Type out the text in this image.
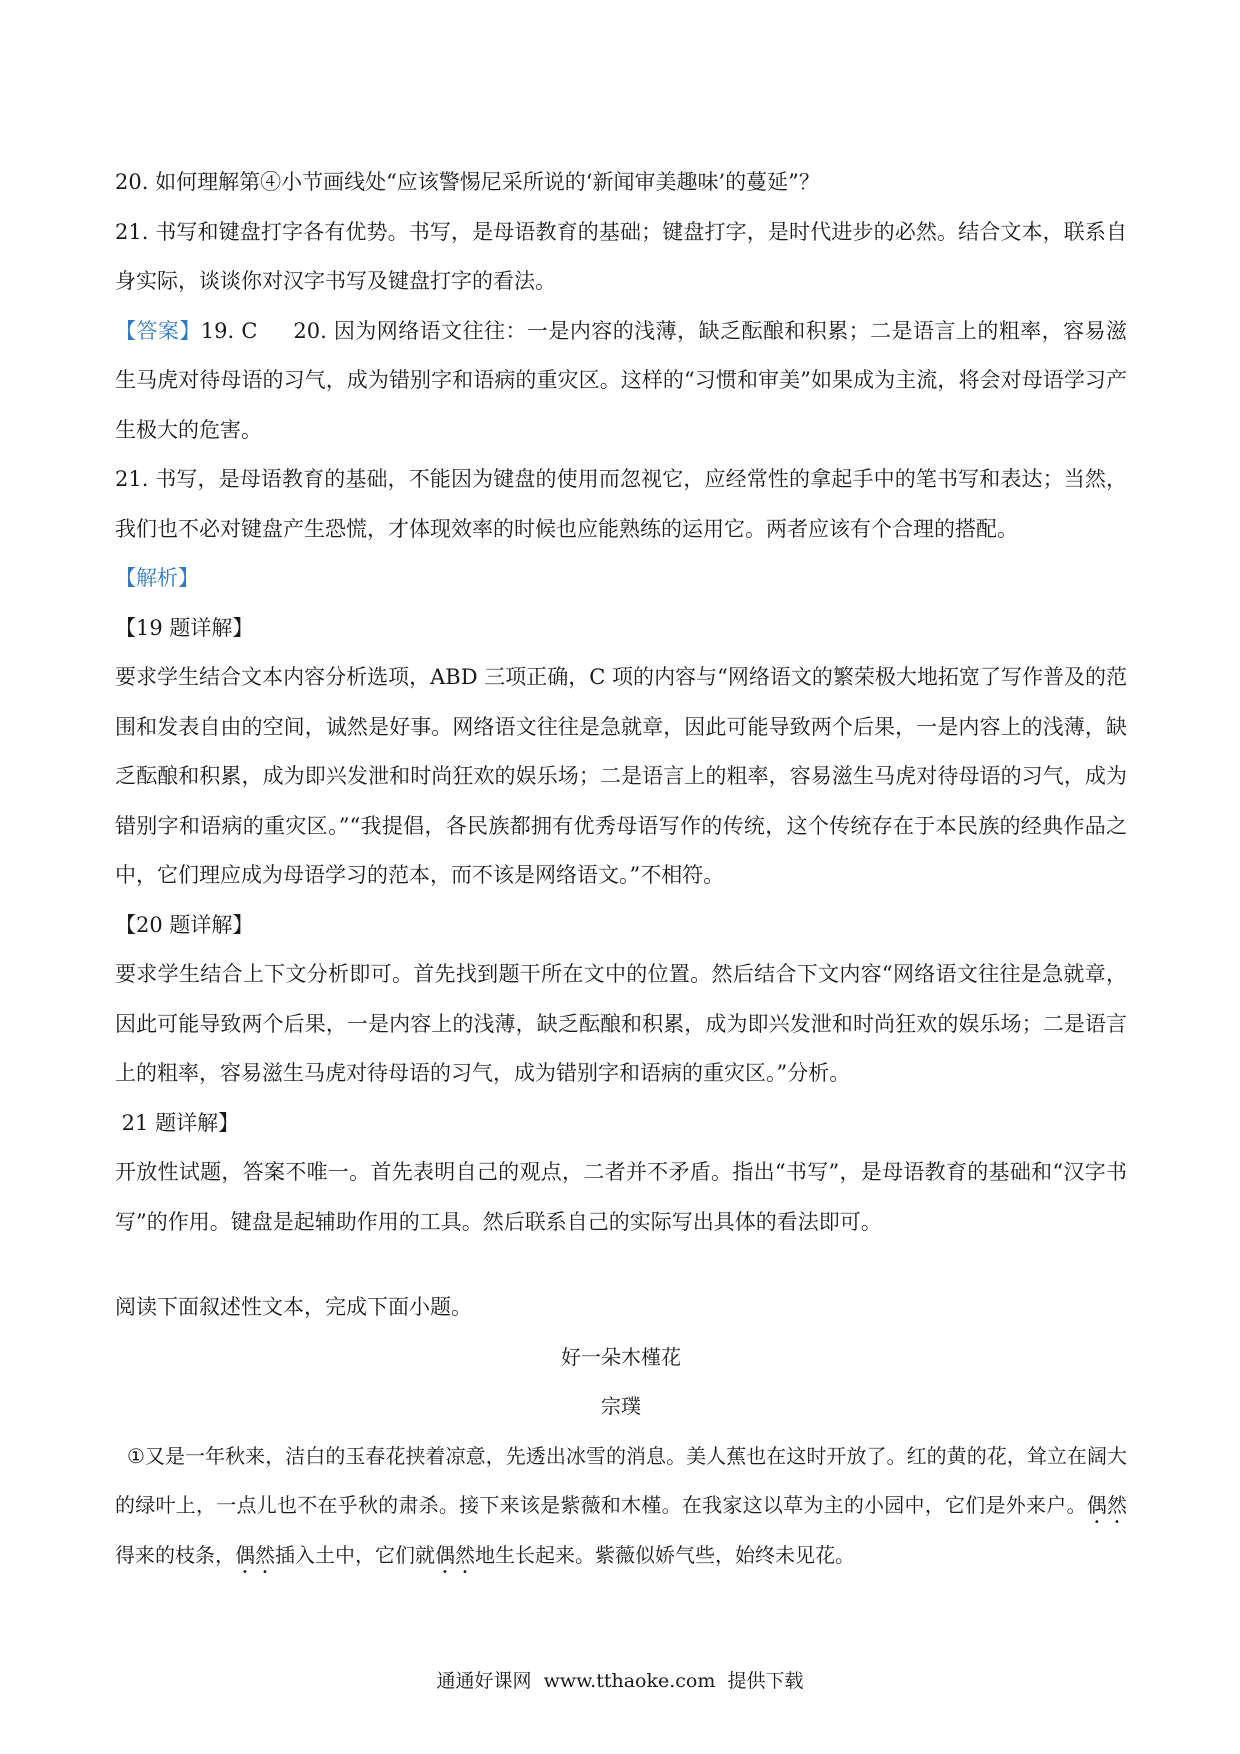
20. 如何理解第④小节画线处“应该警惕尼采所说的‘新闻审美趣味’的蔓延”？

21. 书写和键盘打字各有优势。书写，是母语教育的基础；键盘打字，是时代进步的必然。结合文本，联系自身实际，谈谈你对汉字书写及键盘打字的看法。

【答案】19. C 20. 因为网络语文往往：一是内容的浅薄，缺乏酝酿和积累；二是语言上的粗率，容易滋生马虎对待母语的习气，成为错别字和语病的重灾区。这样的“习惯和审美”如果成为主流，将会对母语学习产生极大的危害。

21. 书写，是母语教育的基础，不能因为键盘的使用而忽视它，应经常性的拿起手中的笔书写和表达；当然，我们也不必对键盘产生恐慌，才体现效率的时候也应能熟练的运用它。两者应该有个合理的搭配。

【解析】

【19 题详解】

要求学生结合文本内容分析选项，ABD 三项正确，C 项的内容与“网络语文的繁荣极大地拓宽了写作普及的范围和发表自由的空间，诚然是好事。网络语文往往是急就章，因此可能导致两个后果，一是内容上的浅薄，缺乏酝酿和积累，成为即兴发泄和时尚狂欢的娱乐场；二是语言上的粗率，容易滋生马虎对待母语的习气，成为错别字和语病的重灾区。”“我提倡，各民族都拥有优秀母语写作的传统，这个传统存在于本民族的经典作品之中，它们理应成为母语学习的范本，而不该是网络语文。”不相符。

【20 题详解】

要求学生结合上下文分析即可。首先找到题干所在文中的位置。然后结合下文内容“网络语文往往是急就章，因此可能导致两个后果，一是内容上的浅薄，缺乏酝酿和积累，成为即兴发泄和时尚狂欢的娱乐场；二是语言上的粗率，容易滋生马虎对待母语的习气，成为错别字和语病的重灾区。”分析。

21 题详解】

开放性试题，答案不唯一。首先表明自己的观点，二者并不矛盾。指出“书写”，是母语教育的基础和“汉字书写”的作用。键盘是起辅助作用的工具。然后联系自己的实际写出具体的看法即可。

阅读下面叙述性文本，完成下面小题。

好一朵木槿花

宗璞

①又是一年秋来，洁白的玉春花挟着凉意，先透出冰雪的消息。美人蕉也在这时开放了。红的黄的花，耸立在阔大的绿叶上，一点儿也不在乎秋的肃杀。接下来该是紫薇和木槿。在我家这以草为主的小园中，它们是外来户。偶然得来的枝条，偶然插入土中，它们就偶然地生长起来。紫薇似娇气些，始终未见花。

通通好课网  www.tthaoke.com  提供下载
